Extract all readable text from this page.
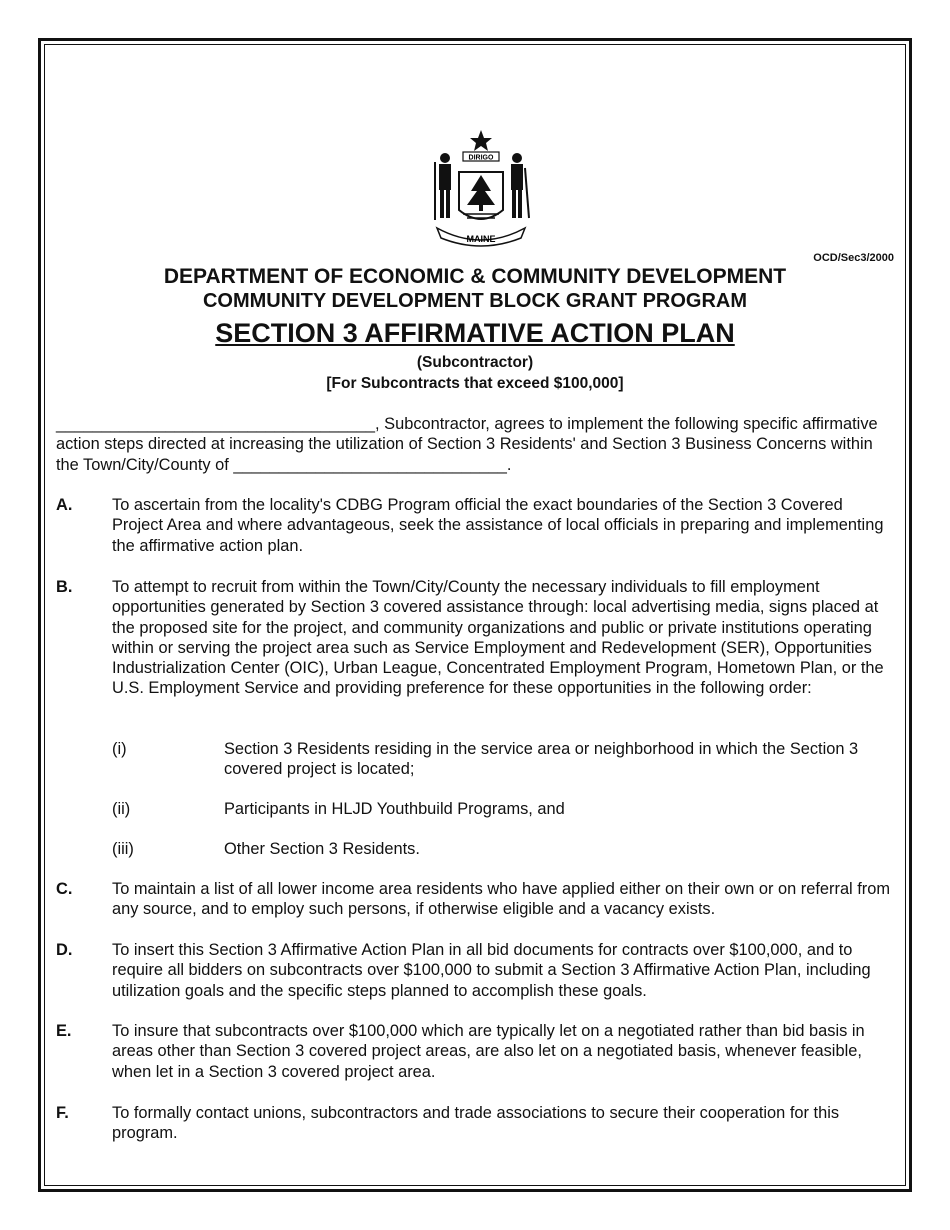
DIRIGO
MAINE
OCD/Sec3/2000
DEPARTMENT OF ECONOMIC & COMMUNITY DEVELOPMENT
COMMUNITY DEVELOPMENT BLOCK GRANT PROGRAM
SECTION 3 AFFIRMATIVE ACTION PLAN
(Subcontractor)
[For Subcontracts that exceed $100,000]
___________________________________, Subcontractor, agrees to implement the following specific affirmative action steps directed at increasing the utilization of Section 3 Residents' and Section 3 Business Concerns within the Town/City/County of ______________________________.
A. To ascertain from the locality's CDBG Program official the exact boundaries of the Section 3 Covered Project Area and where advantageous, seek the assistance of local officials in preparing and implementing the affirmative action plan.
B. To attempt to recruit from within the Town/City/County the necessary individuals to fill employment opportunities generated by Section 3 covered assistance through: local advertising media, signs placed at the proposed site for the project, and community organizations and public or private institutions operating within or serving the project area such as Service Employment and Redevelopment (SER), Opportunities Industrialization Center (OIC), Urban League, Concentrated Employment Program, Hometown Plan, or the U.S. Employment Service and providing preference for these opportunities in the following order:
(i)	Section 3 Residents residing in the service area or neighborhood in which the Section 3 covered project is located;
(ii)	Participants in HLJD Youthbuild Programs, and
(iii)	Other Section 3 Residents.
C. To maintain a list of all lower income area residents who have applied either on their own or on referral from any source, and to employ such persons, if otherwise eligible and a vacancy exists.
D. To insert this Section 3 Affirmative Action Plan in all bid documents for contracts over $100,000, and to require all bidders on subcontracts over $100,000 to submit a Section 3 Affirmative Action Plan, including utilization goals and the specific steps planned to accomplish these goals.
E. To insure that subcontracts over $100,000 which are typically let on a negotiated rather than bid basis in areas other than Section 3 covered project areas, are also let on a negotiated basis, whenever feasible, when let in a Section 3 covered project area.
F.	To formally contact unions, subcontractors and trade associations to secure their cooperation for this program.
